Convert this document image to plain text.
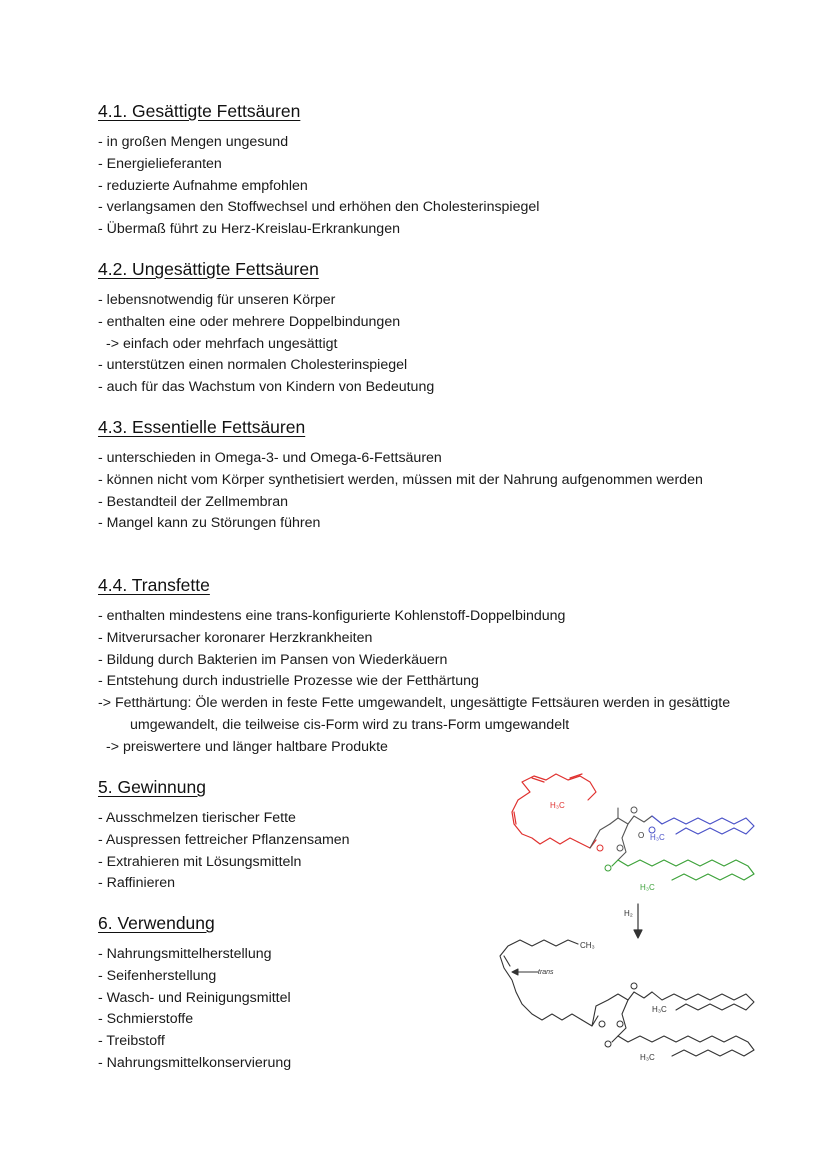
4.1. Gesättigte Fettsäuren
- in großen Mengen ungesund
- Energielieferanten
- reduzierte Aufnahme empfohlen
- verlangsamen den Stoffwechsel und erhöhen den Cholesterinspiegel
- Übermaß führt zu Herz-Kreislau-Erkrankungen
4.2. Ungesättigte Fettsäuren
- lebensnotwendig für unseren Körper
- enthalten eine oder mehrere Doppelbindungen
-> einfach oder mehrfach ungesättigt
- unterstützen einen normalen Cholesterinspiegel
- auch für das Wachstum von Kindern von Bedeutung
4.3. Essentielle Fettsäuren
- unterschieden in Omega-3- und Omega-6-Fettsäuren
- können nicht vom Körper synthetisiert werden, müssen mit der Nahrung aufgenommen werden
- Bestandteil der Zellmembran
- Mangel kann zu Störungen führen
4.4. Transfette
- enthalten mindestens eine trans-konfigurierte Kohlenstoff-Doppelbindung
- Mitverursacher koronarer Herzkrankheiten
- Bildung durch Bakterien im Pansen von Wiederkäuern
- Entstehung durch industrielle Prozesse wie der Fetthärtung
-> Fetthärtung: Öle werden in feste Fette umgewandelt, ungesättigte Fettsäuren werden in gesättigte umgewandelt, die teilweise cis-Form wird zu trans-Form umgewandelt
-> preiswertere und länger haltbare Produkte
5. Gewinnung
- Ausschmelzen tierischer Fette
- Auspressen fettreicher Pflanzensamen
- Extrahieren mit Lösungsmitteln
- Raffinieren
6. Verwendung
- Nahrungsmittelherstellung
- Seifenherstellung
- Wasch- und Reinigungsmittel
- Schmierstoffe
- Treibstoff
- Nahrungsmittelkonservierung
H₃C
O H₃C
H₃C
H₂
CH₃
trans
H₃C
H₃C
